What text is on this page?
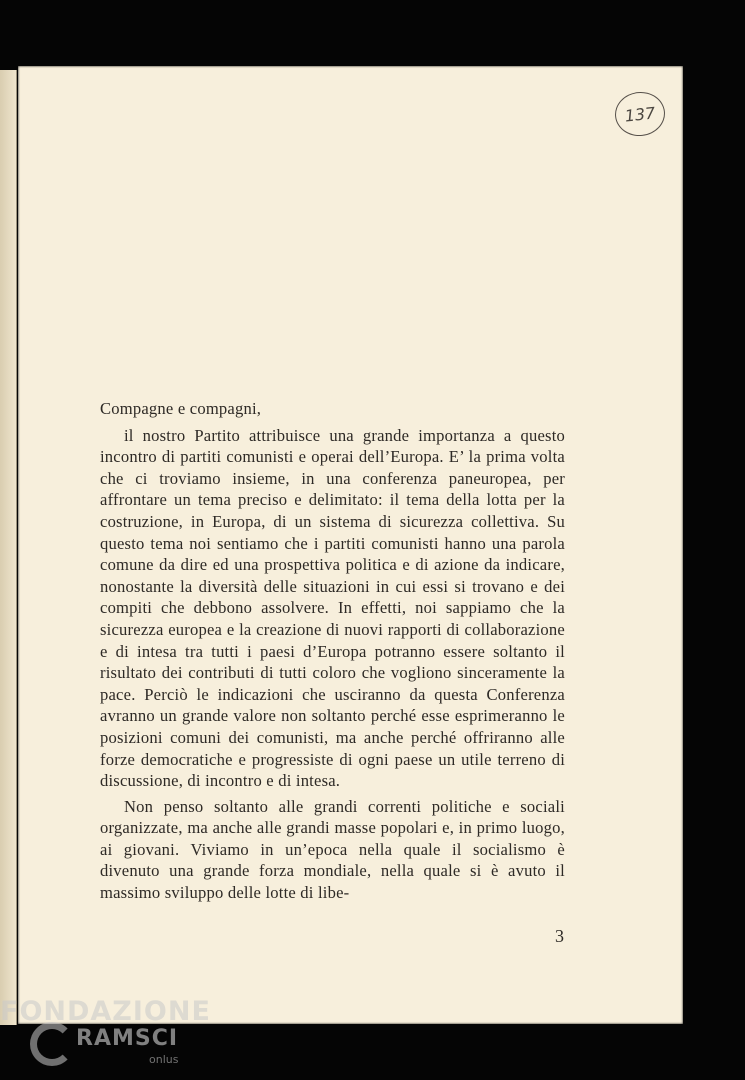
137

Compagne e compagni,

il nostro Partito attribuisce una grande importanza a questo incontro di partiti comunisti e operai dell’Europa. E’ la prima volta che ci troviamo insieme, in una conferenza paneuropea, per affrontare un tema preciso e delimitato: il tema della lotta per la costruzione, in Europa, di un sistema di sicurezza collettiva. Su questo tema noi sentiamo che i partiti comunisti hanno una parola comune da dire ed una prospettiva politica e di azione da indicare, nonostante la diversità delle situazioni in cui essi si trovano e dei compiti che debbono assolvere. In effetti, noi sappiamo che la sicurezza europea e la creazione di nuovi rapporti di collaborazione e di intesa tra tutti i paesi d’Europa potranno essere soltanto il risultato dei contributi di tutti coloro che vogliono sinceramente la pace. Perciò le indicazioni che usciranno da questa Conferenza avranno un grande valore non soltanto perché esse esprimeranno le posizioni comuni dei comunisti, ma anche perché offriranno alle forze democratiche e progressiste di ogni paese un utile terreno di discussione, di incontro e di intesa.

Non penso soltanto alle grandi correnti politiche e sociali organizzate, ma anche alle grandi masse popolari e, in primo luogo, ai giovani. Viviamo in un’epoca nella quale il socialismo è divenuto una grande forza mondiale, nella quale si è avuto il massimo sviluppo delle lotte di libe-

3
FONDAZIONE
RAMSCI
onlus
